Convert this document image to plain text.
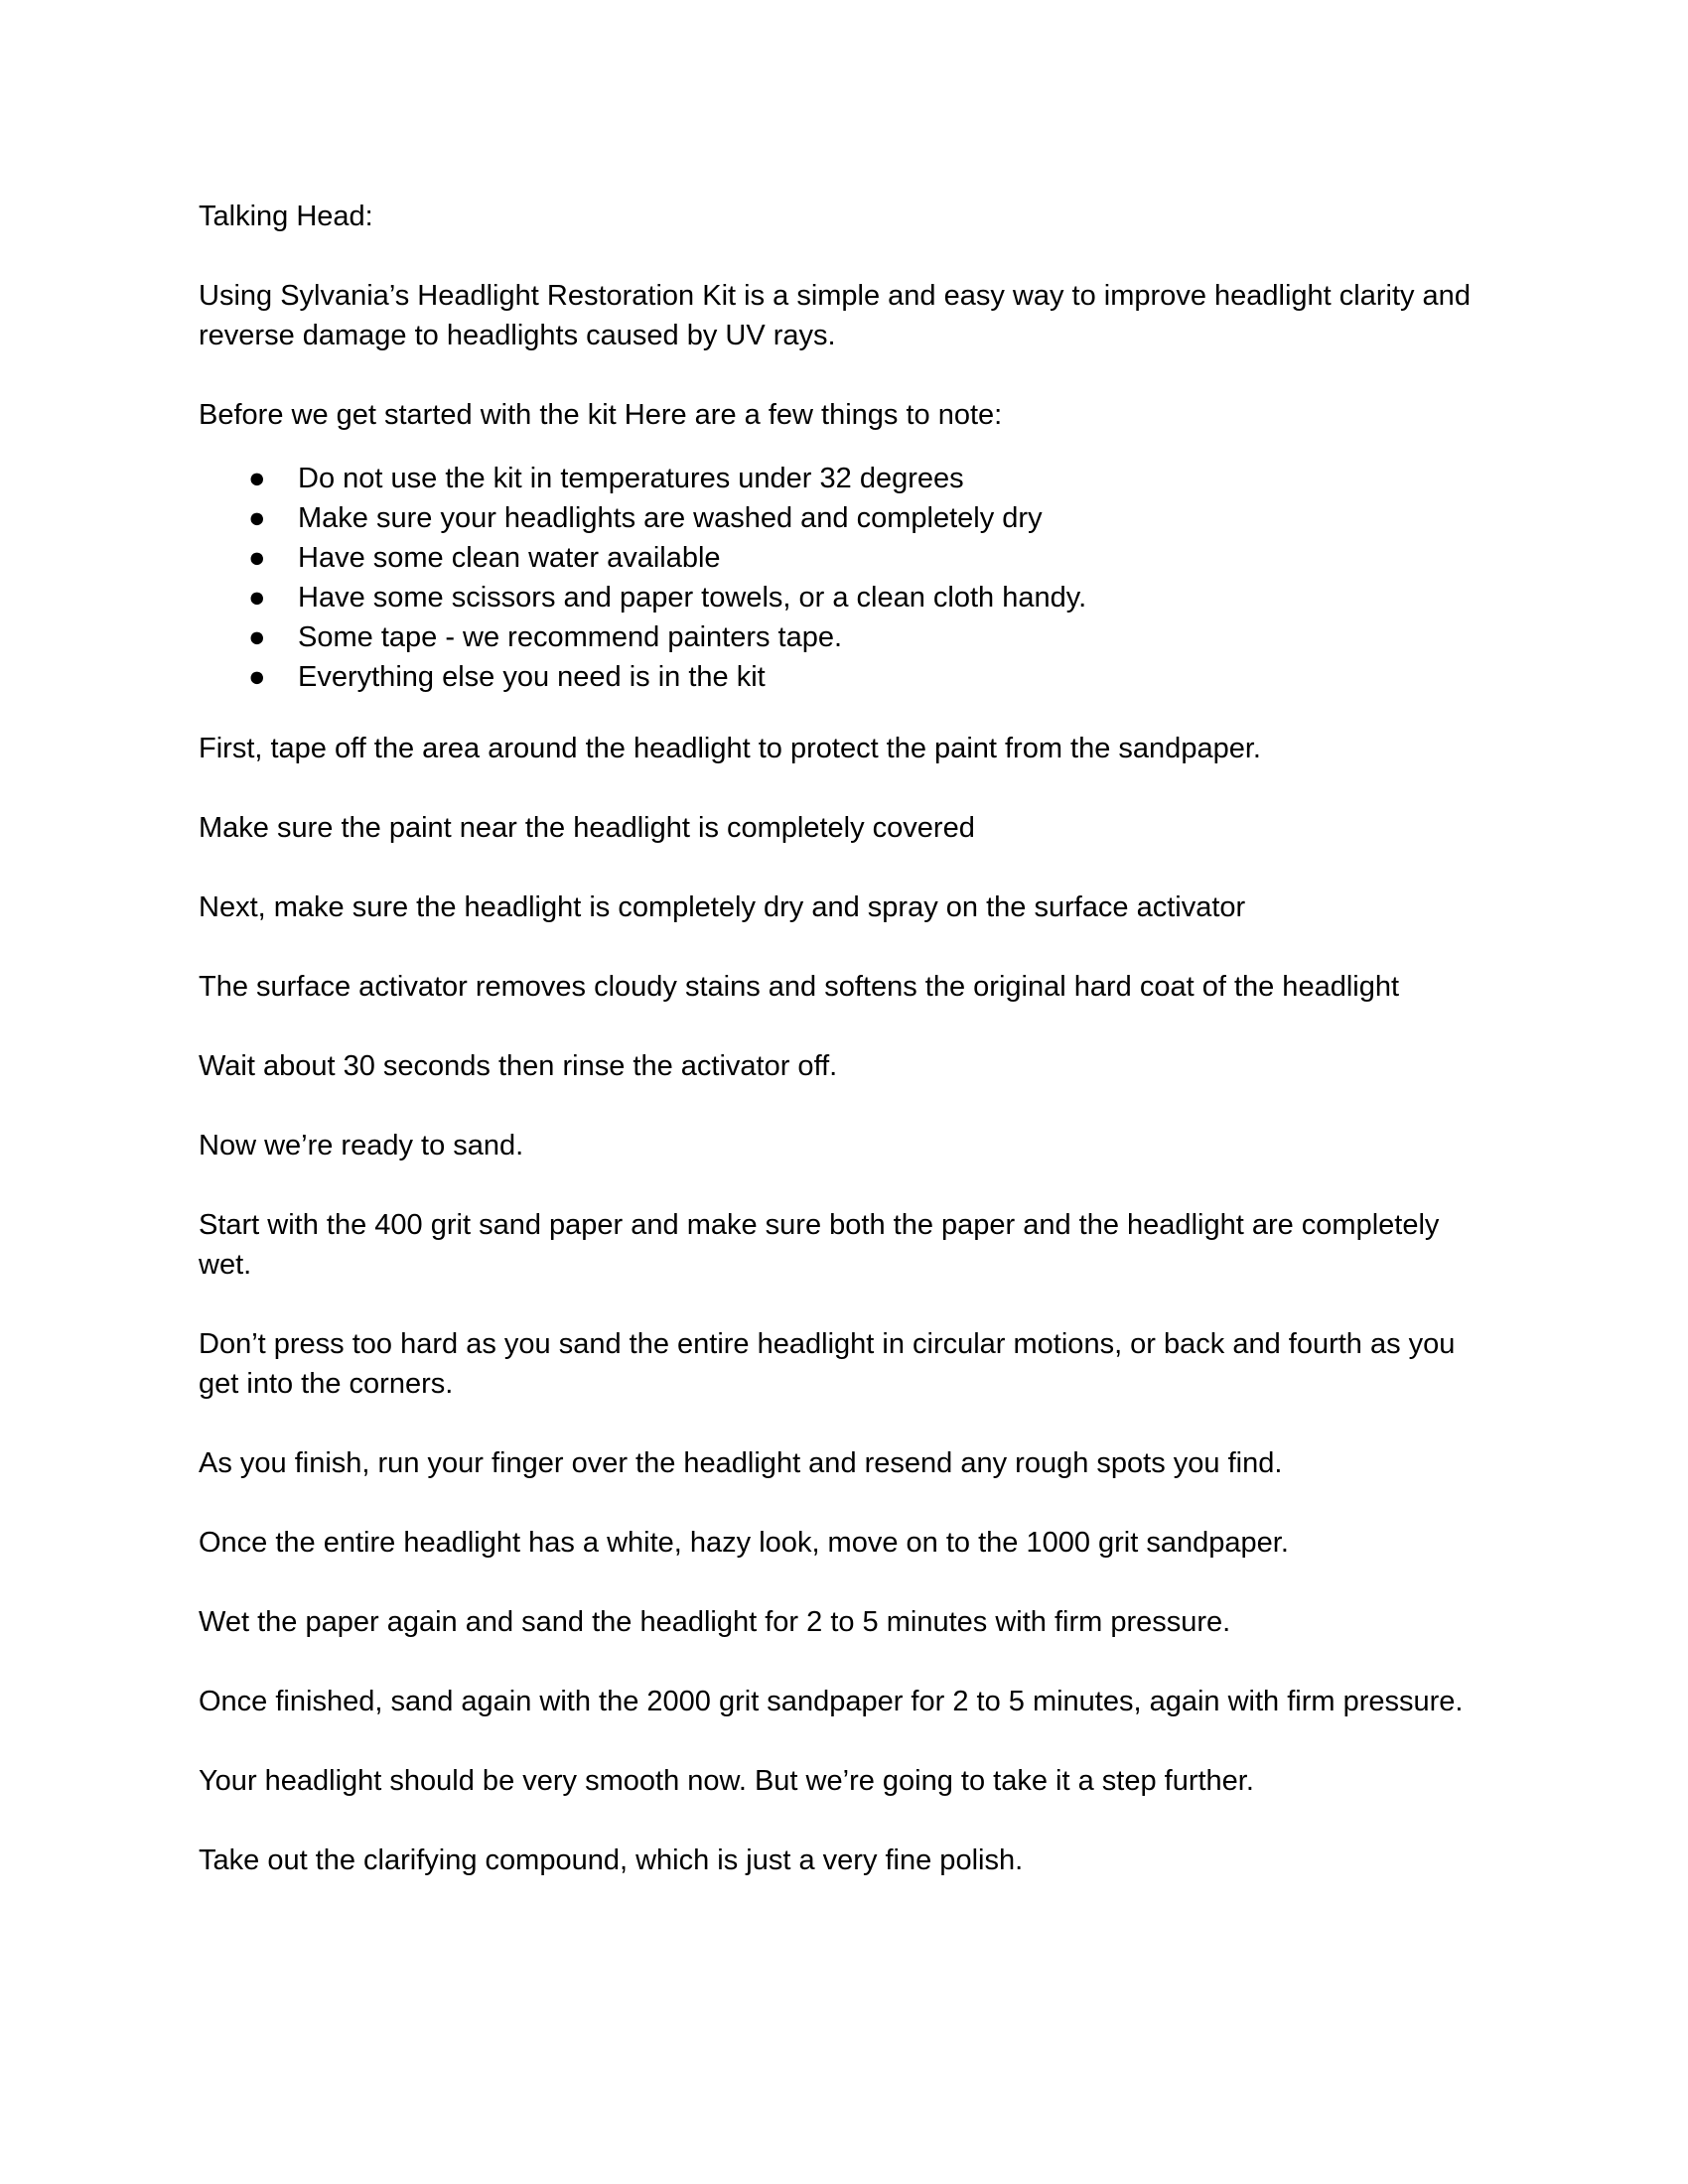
Talking Head:

Using Sylvania’s Headlight Restoration Kit is a simple and easy way to improve headlight clarity and reverse damage to headlights caused by UV rays.

Before we get started with the kit Here are a few things to note:

● Do not use the kit in temperatures under 32 degrees
● Make sure your headlights are washed and completely dry
● Have some clean water available
● Have some scissors and paper towels, or a clean cloth handy.
● Some tape - we recommend painters tape.
● Everything else you need is in the kit

First, tape off the area around the headlight to protect the paint from the sandpaper.

Make sure the paint near the headlight is completely covered

Next, make sure the headlight is completely dry and spray on the surface activator

The surface activator removes cloudy stains and softens the original hard coat of the headlight

Wait about 30 seconds then rinse the activator off.

Now we’re ready to sand.

Start with the 400 grit sand paper and make sure both the paper and the headlight are completely wet.

Don’t press too hard as you sand the entire headlight in circular motions, or back and fourth as you get into the corners.

As you finish, run your finger over the headlight and resend any rough spots you find.

Once the entire headlight has a white, hazy look, move on to the 1000 grit sandpaper.

Wet the paper again and sand the headlight for 2 to 5 minutes with firm pressure.

Once finished, sand again with the 2000 grit sandpaper for 2 to 5 minutes, again with firm pressure.

Your headlight should be very smooth now. But we’re going to take it a step further.

Take out the clarifying compound, which is just a very fine polish.
